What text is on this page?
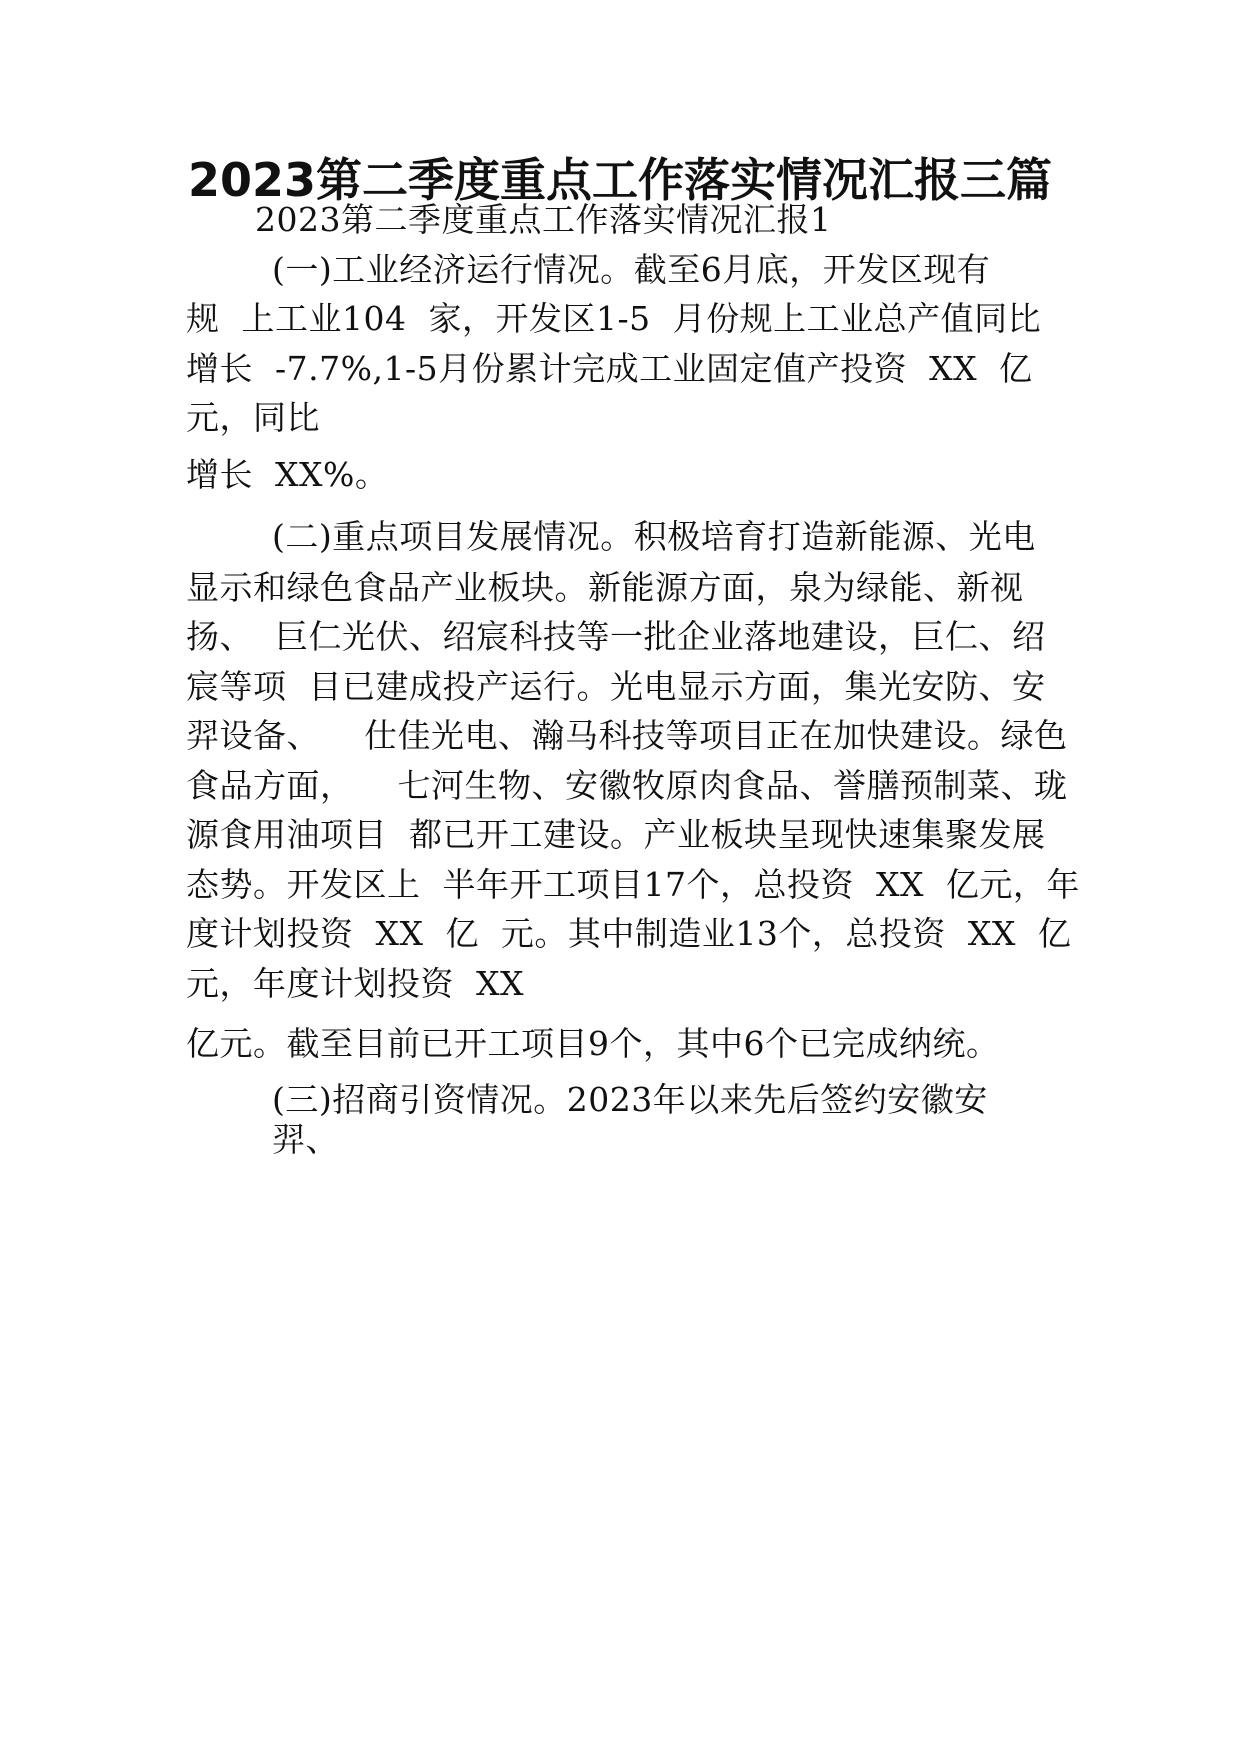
2023第二季度重点工作落实情况汇报三篇
2023第二季度重点工作落实情况汇报1
(一)工业经济运行情况。截至6月底，开发区现有
规  上工业104  家，开发区1-5  月份规上工业总产值同比
增长  -7.7%,1-5月份累计完成工业固定值产投资  XX  亿
元，同比
增长  XX%。
(二)重点项目发展情况。积极培育打造新能源、光电
显示和绿色食品产业板块。新能源方面，泉为绿能、新视
扬、  巨仁光伏、绍宸科技等一批企业落地建设，巨仁、绍
宸等项  目已建成投产运行。光电显示方面，集光安防、安
羿设备、    仕佳光电、瀚马科技等项目正在加快建设。绿色
食品方面，    七河生物、安徽牧原肉食品、誉膳预制菜、珑
源食用油项目  都已开工建设。产业板块呈现快速集聚发展
态势。开发区上  半年开工项目17个，总投资  XX  亿元，年
度计划投资  XX  亿  元。其中制造业13个，总投资  XX  亿
元，年度计划投资  XX
亿元。截至目前已开工项目9个，其中6个已完成纳统。
(三)招商引资情况。2023年以来先后签约安徽安
羿、
